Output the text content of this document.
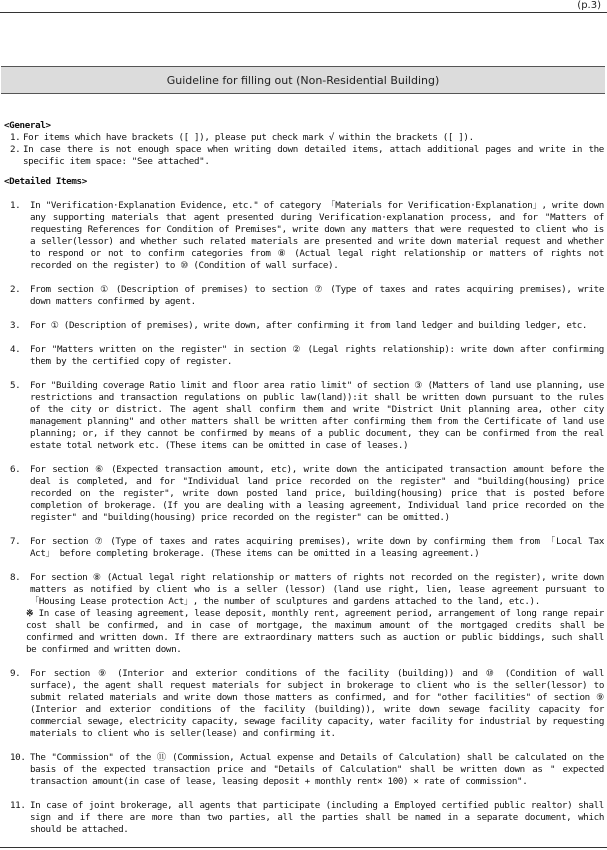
(p.3)
Guideline for filling out (Non-Residential Building)
<General>
1. For items which have brackets ([ ]), please put check mark √ within the brackets ([ ]).
2. In case there is not enough space when writing down detailed items, attach additional pages and write in the specific item space: "See attached".
<Detailed Items>
1.	In "Verification·Explanation Evidence, etc." of category 「Materials for Verification·Explanation」, write down any supporting materials that agent presented during Verification·explanation process, and for "Matters of requesting References for Condition of Premises", write down any matters that were requested to client who is a seller(lessor) and whether such related materials are presented and write down material request and whether to respond or not to confirm categories from ⑧ (Actual legal right relationship or matters of rights not recorded on the register) to ⑩ (Condition of wall surface).
2.	From section ① (Description of premises) to section ⑦ (Type of taxes and rates acquiring premises), write down matters confirmed by agent.
3.	For ① (Description of premises), write down, after confirming it from land ledger and building ledger, etc.
4.	For "Matters written on the register" in section ② (Legal rights relationship): write down after confirming them by the certified copy of register.
5.	For "Building coverage Ratio limit and floor area ratio limit" of section ③ (Matters of land use planning, use restrictions and transaction regulations on public law(land)):it shall be written down pursuant to the rules of the city or district. The agent shall confirm them and write "District Unit planning area, other city management planning" and other matters shall be written after confirming them from the Certificate of land use planning; or, if they cannot be confirmed by means of a public document, they can be confirmed from the real estate total network etc. (These items can be omitted in case of leases.)
6.	For section ⑥ (Expected transaction amount, etc), write down the anticipated transaction amount before the deal is completed, and for "Individual land price recorded on the register" and "building(housing) price recorded on the register", write down posted land price, building(housing) price that is posted before completion of brokerage. (If you are dealing with a leasing agreement, Individual land price recorded on the register" and "building(housing) price recorded on the register" can be omitted.)
7.	For section ⑦ (Type of taxes and rates acquiring premises), write down by confirming them from 「Local Tax Act」 before completing brokerage. (These items can be omitted in a leasing agreement.)
8.	For section ⑧ (Actual legal right relationship or matters of rights not recorded on the register), write down matters as notified by client who is a seller (lessor) (land use right, lien, lease agreement pursuant to 「Housing Lease protection Act」, the number of sculptures and gardens attached to the land, etc.).
※ In case of leasing agreement, lease deposit, monthly rent, agreement period, arrangement of long range repair cost shall be confirmed, and in case of mortgage, the maximum amount of the mortgaged credits shall be confirmed and written down. If there are extraordinary matters such as auction or public biddings, such shall be confirmed and written down.
9.	For section ⑨ (Interior and exterior conditions of the facility (building)) and ⑩ (Condition of wall surface), the agent shall request materials for subject in brokerage to client who is the seller(lessor) to submit related materials and write down those matters as confirmed, and for "other facilities" of section ⑨ (Interior and exterior conditions of the facility (building)), write down sewage facility capacity for commercial sewage, electricity capacity, sewage facility capacity, water facility for industrial by requesting materials to client who is seller(lease) and confirming it.
10. The "Commission" of the ⑪ (Commission, Actual expense and Details of Calculation) shall be calculated on the basis of the expected transaction price and "Details of Calculation" shall be written down as " expected transaction amount(in case of lease, leasing deposit + monthly rent× 100) × rate of commission".
11. In case of joint brokerage, all agents that participate (including a Employed certified public realtor) shall sign and if there are more than two parties, all the parties shall be named in a separate document, which should be attached.
